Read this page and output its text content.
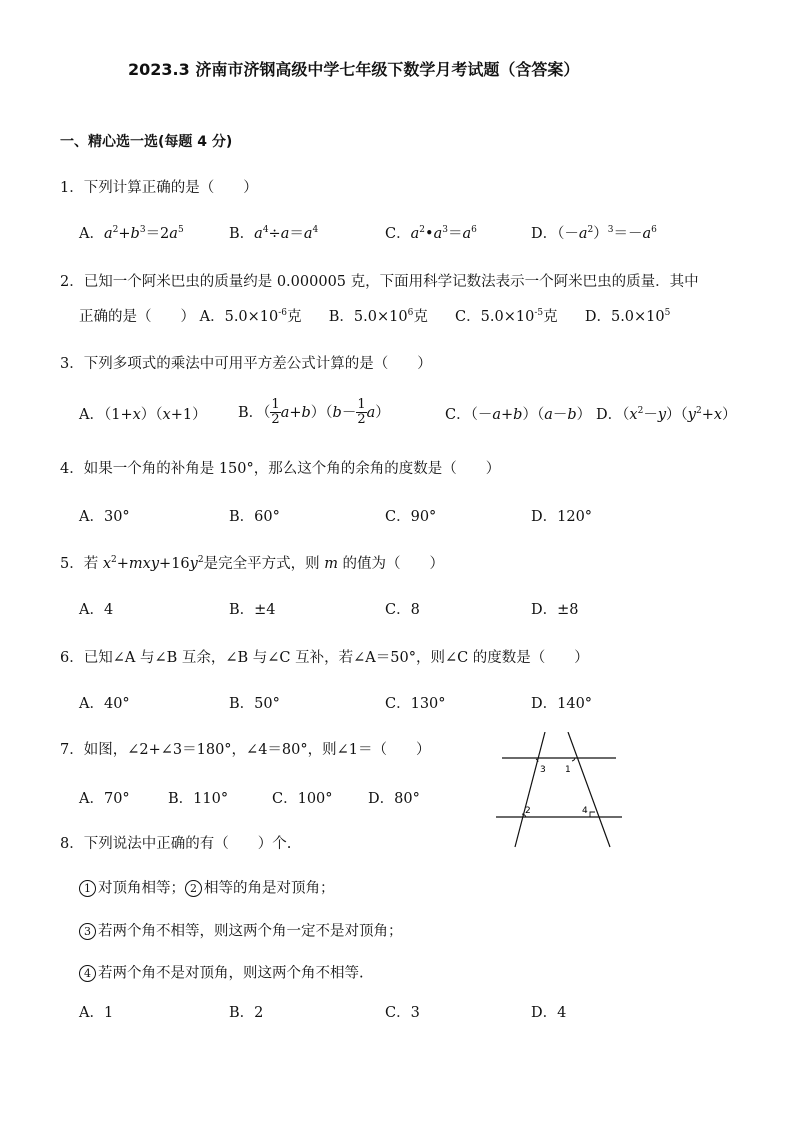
2023.3 济南市济钢高级中学七年级下数学月考试题（含答案）
一、精心选一选(每题 4 分)
1．下列计算正确的是（　　）
A．$a^2+b^3=2a^5$	B．$a^4\div a=a^4$	C．$a^2•a^3=a^6$	D．$(-a^2)^3=-a^6$
2．已知一个阿米巴虫的质量约是 0.000005 克，下面用科学记数法表示一个阿米巴虫的质量．其中
正确的是（　　） A．$5.0\times 10^{-6}$克 B．$5.0\times 10^6$克 C．$5.0\times 10^{-5}$克 D．$5.0\times 10^5$
3．下列多项式的乘法中可用平方差公式计算的是（　　）
A．（1+x）（x+1） B．（ $\frac{1}{2} a+b)(b- \frac{1}{2} a)$	C．（－a+b）（a－b） D．$(x^2-y)(y^2+x)$
4．如果一个角的补角是 150°，那么这个角的余角的度数是（　　）
A．30°	B．60°	C．90°	D．120°
5．若 $x^2+mxy+16y^2$是完全平方式，则 m 的值为（　　）
A．4	B．±4	C．8	D．±8
6．已知∠A 与∠B 互余，∠B 与∠C 互补，若∠A＝50°，则∠C 的度数是（　　）
A．40°	B．50°	C．130°	D．140°
7．如图，∠2+∠3＝180°，∠4＝80°，则∠1＝（　　）
A．70°	B．110°	C．100° D．80°
3 1
2	4
8．下列说法中正确的有（　　）个.
1 对顶角相等； 2 相等的角是对顶角；
3 若两个角不相等，则这两个角一定不是对顶角；
4 若两个角不是对顶角，则这两个角不相等.
A．1	B．2	C．3	D．4
